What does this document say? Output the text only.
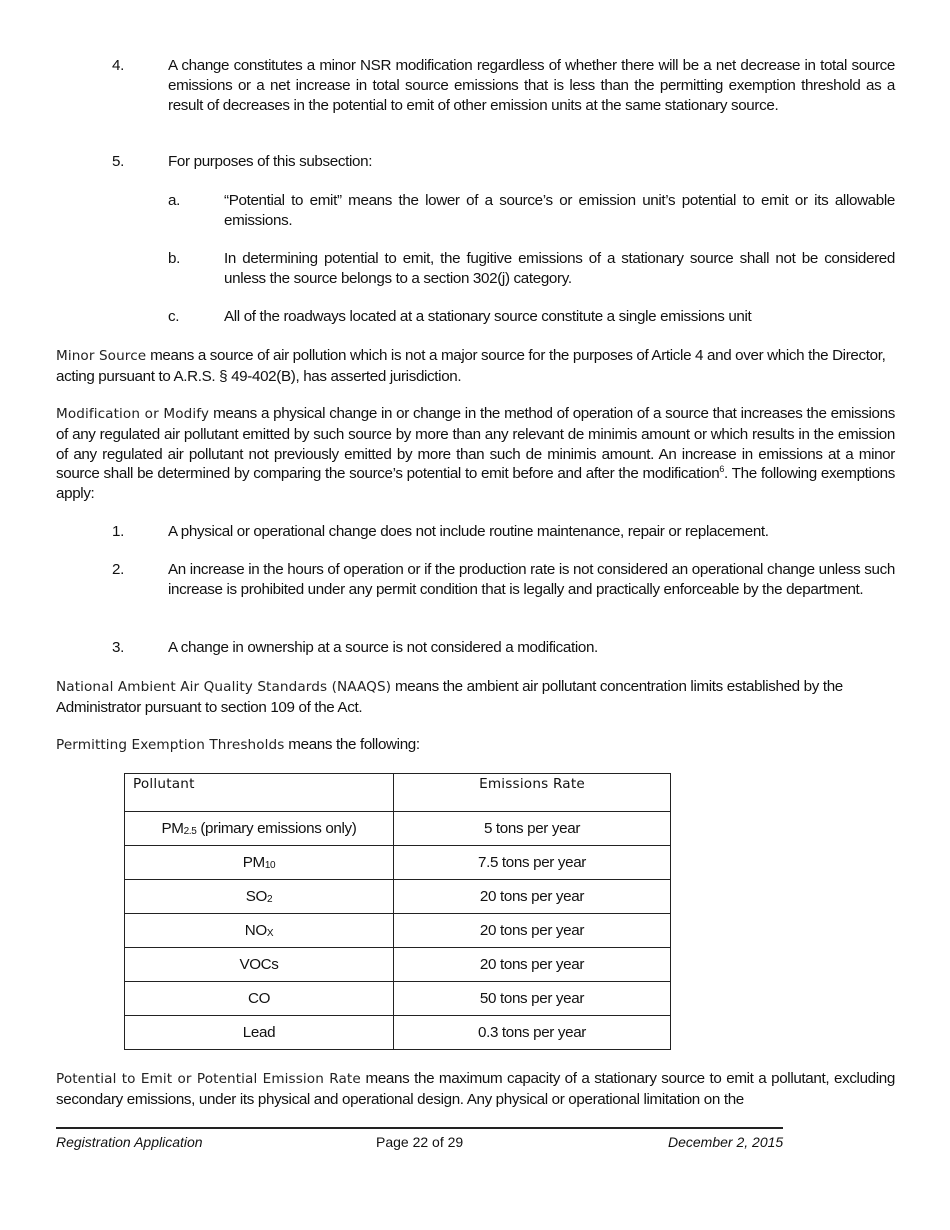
4.	A change constitutes a minor NSR modification regardless of whether there will be a net decrease in total source emissions or a net increase in total source emissions that is less than the permitting exemption threshold as a result of decreases in the potential to emit of other emission units at the same stationary source.

5.	For purposes of this subsection:

a.	“Potential to emit” means the lower of a source’s or emission unit’s potential to emit or its allowable emissions.

b.	In determining potential to emit, the fugitive emissions of a stationary source shall not be considered unless the source belongs to a section 302(j) category.

c.	All of the roadways located at a stationary source constitute a single emissions unit

Minor Source means a source of air pollution which is not a major source for the purposes of Article 4 and over which the Director, acting pursuant to A.R.S. § 49-402(B), has asserted jurisdiction.

Modification or Modify means a physical change in or change in the method of operation of a source that increases the emissions of any regulated air pollutant emitted by such source by more than any relevant de minimis amount or which results in the emission of any regulated air pollutant not previously emitted by more than such de minimis amount. An increase in emissions at a minor source shall be determined by comparing the source’s potential to emit before and after the modification$^6$. The following exemptions apply:

1.	A physical or operational change does not include routine maintenance, repair or replacement.

2.	An increase in the hours of operation or if the production rate is not considered an operational change unless such increase is prohibited under any permit condition that is legally and practically enforceable by the department.

3.	A change in ownership at a source is not considered a modification.

National Ambient Air Quality Standards (NAAQS) means the ambient air pollutant concentration limits established by the Administrator pursuant to section 109 of the Act.

Permitting Exemption Thresholds means the following:

Pollutant	Emissions Rate
$PM_{2.5}$ (primary emissions only)	5 tons per year
$PM_{10}$	7.5 tons per year
$SO_2$	20 tons per year
$NO_X$	20 tons per year
VOCs	20 tons per year
CO	50 tons per year
Lead	0.3 tons per year

Potential to Emit or Potential Emission Rate means the maximum capacity of a stationary source to emit a pollutant, excluding secondary emissions, under its physical and operational design. Any physical or operational limitation on the

Registration Application	Page 22 of 29	December 2, 2015
